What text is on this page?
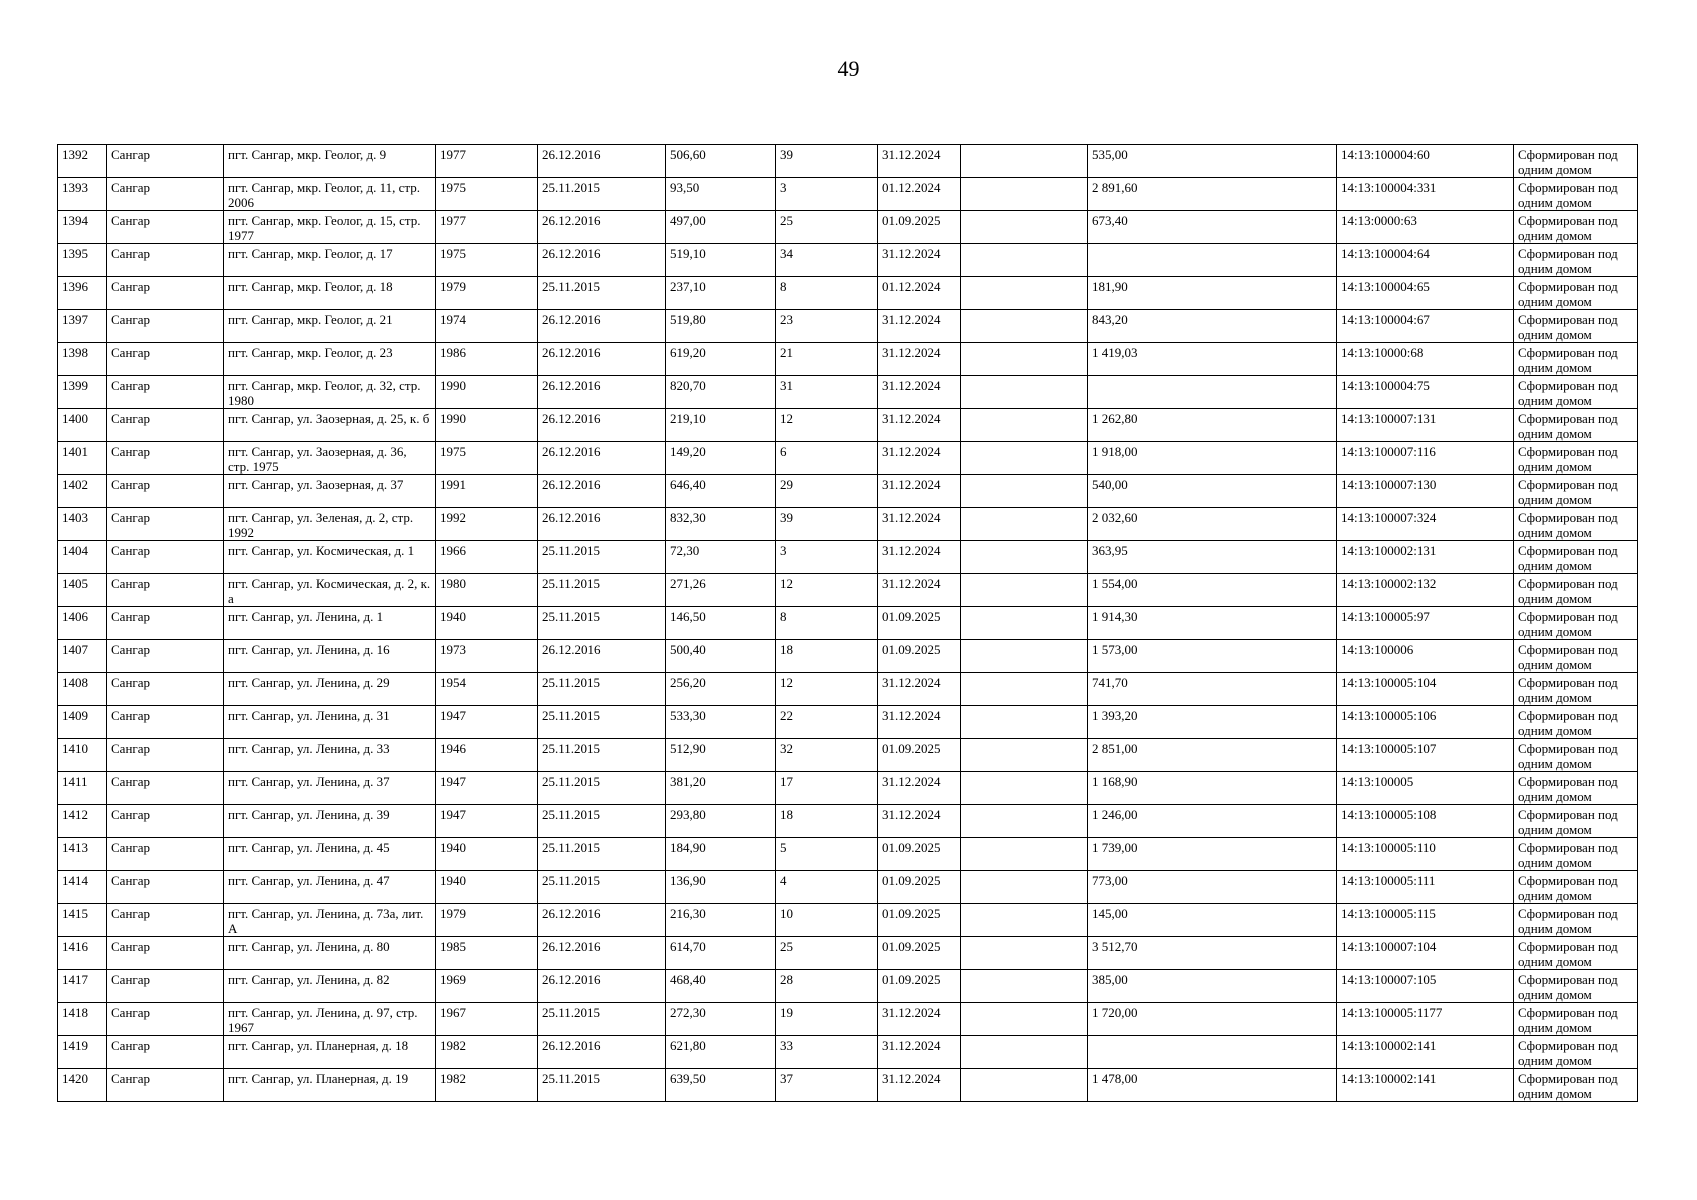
49
1392	Сангар	пгт. Сангар, мкр. Геолог, д. 9	1977	26.12.2016	506,60	39	31.12.2024		535,00	14:13:100004:60	Сформирован под одним домом
1393	Сангар	пгт. Сангар, мкр. Геолог, д. 11, стр. 2006	1975	25.11.2015	93,50	3	01.12.2024		2 891,60	14:13:100004:331	Сформирован под одним домом
1394	Сангар	пгт. Сангар, мкр. Геолог, д. 15, стр. 1977	1977	26.12.2016	497,00	25	01.09.2025		673,40	14:13:0000:63	Сформирован под одним домом
1395	Сангар	пгт. Сангар, мкр. Геолог, д. 17	1975	26.12.2016	519,10	34	31.12.2024			14:13:100004:64	Сформирован под одним домом
1396	Сангар	пгт. Сангар, мкр. Геолог, д. 18	1979	25.11.2015	237,10	8	01.12.2024		181,90	14:13:100004:65	Сформирован под одним домом
1397	Сангар	пгт. Сангар, мкр. Геолог, д. 21	1974	26.12.2016	519,80	23	31.12.2024		843,20	14:13:100004:67	Сформирован под одним домом
1398	Сангар	пгт. Сангар, мкр. Геолог, д. 23	1986	26.12.2016	619,20	21	31.12.2024		1 419,03	14:13:10000:68	Сформирован под одним домом
1399	Сангар	пгт. Сангар, мкр. Геолог, д. 32, стр. 1980	1990	26.12.2016	820,70	31	31.12.2024			14:13:100004:75	Сформирован под одним домом
1400	Сангар	пгт. Сангар, ул. Заозерная, д. 25, к. б	1990	26.12.2016	219,10	12	31.12.2024		1 262,80	14:13:100007:131	Сформирован под одним домом
1401	Сангар	пгт. Сангар, ул. Заозерная, д. 36, стр. 1975	1975	26.12.2016	149,20	6	31.12.2024		1 918,00	14:13:100007:116	Сформирован под одним домом
1402	Сангар	пгт. Сангар, ул. Заозерная, д. 37	1991	26.12.2016	646,40	29	31.12.2024		540,00	14:13:100007:130	Сформирован под одним домом
1403	Сангар	пгт. Сангар, ул. Зеленая, д. 2, стр. 1992	1992	26.12.2016	832,30	39	31.12.2024		2 032,60	14:13:100007:324	Сформирован под одним домом
1404	Сангар	пгт. Сангар, ул. Космическая, д. 1	1966	25.11.2015	72,30	3	31.12.2024		363,95	14:13:100002:131	Сформирован под одним домом
1405	Сангар	пгт. Сангар, ул. Космическая, д. 2, к. а	1980	25.11.2015	271,26	12	31.12.2024		1 554,00	14:13:100002:132	Сформирован под одним домом
1406	Сангар	пгт. Сангар, ул. Ленина, д. 1	1940	25.11.2015	146,50	8	01.09.2025		1 914,30	14:13:100005:97	Сформирован под одним домом
1407	Сангар	пгт. Сангар, ул. Ленина, д. 16	1973	26.12.2016	500,40	18	01.09.2025		1 573,00	14:13:100006	Сформирован под одним домом
1408	Сангар	пгт. Сангар, ул. Ленина, д. 29	1954	25.11.2015	256,20	12	31.12.2024		741,70	14:13:100005:104	Сформирован под одним домом
1409	Сангар	пгт. Сангар, ул. Ленина, д. 31	1947	25.11.2015	533,30	22	31.12.2024		1 393,20	14:13:100005:106	Сформирован под одним домом
1410	Сангар	пгт. Сангар, ул. Ленина, д. 33	1946	25.11.2015	512,90	32	01.09.2025		2 851,00	14:13:100005:107	Сформирован под одним домом
1411	Сангар	пгт. Сангар, ул. Ленина, д. 37	1947	25.11.2015	381,20	17	31.12.2024		1 168,90	14:13:100005	Сформирован под одним домом
1412	Сангар	пгт. Сангар, ул. Ленина, д. 39	1947	25.11.2015	293,80	18	31.12.2024		1 246,00	14:13:100005:108	Сформирован под одним домом
1413	Сангар	пгт. Сангар, ул. Ленина, д. 45	1940	25.11.2015	184,90	5	01.09.2025		1 739,00	14:13:100005:110	Сформирован под одним домом
1414	Сангар	пгт. Сангар, ул. Ленина, д. 47	1940	25.11.2015	136,90	4	01.09.2025		773,00	14:13:100005:111	Сформирован под одним домом
1415	Сангар	пгт. Сангар, ул. Ленина, д. 73а, лит. А	1979	26.12.2016	216,30	10	01.09.2025		145,00	14:13:100005:115	Сформирован под одним домом
1416	Сангар	пгт. Сангар, ул. Ленина, д. 80	1985	26.12.2016	614,70	25	01.09.2025		3 512,70	14:13:100007:104	Сформирован под одним домом
1417	Сангар	пгт. Сангар, ул. Ленина, д. 82	1969	26.12.2016	468,40	28	01.09.2025		385,00	14:13:100007:105	Сформирован под одним домом
1418	Сангар	пгт. Сангар, ул. Ленина, д. 97, стр. 1967	1967	25.11.2015	272,30	19	31.12.2024		1 720,00	14:13:100005:1177	Сформирован под одним домом
1419	Сангар	пгт. Сангар, ул. Планерная, д. 18	1982	26.12.2016	621,80	33	31.12.2024			14:13:100002:141	Сформирован под одним домом
1420	Сангар	пгт. Сангар, ул. Планерная, д. 19	1982	25.11.2015	639,50	37	31.12.2024		1 478,00	14:13:100002:141	Сформирован под одним домом
